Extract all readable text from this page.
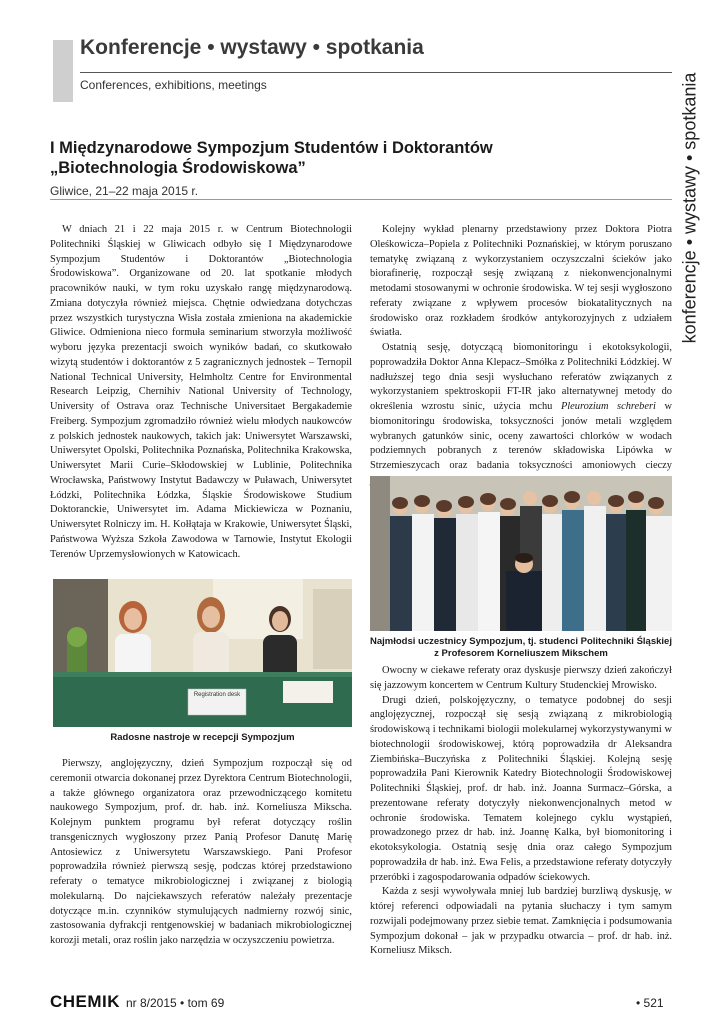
Konferencje • wystawy • spotkania
Conferences, exhibitions, meetings	konferencje • wystawy • spotkania
I Międzynarodowe Sympozjum Studentów i Doktorantów
„Biotechnologia Środowiskowa”
Gliwice, 21–22 maja 2015 r.

W dniach 21 i 22 maja 2015 r. w Centrum Biotechnologii Politechniki Śląskiej w Gliwicach odbyło się I Międzynarodowe Sympozjum Studentów i Doktorantów „Biotechnologia Środowiskowa”. Organizowane od 20. lat spotkanie młodych pracowników nauki, w tym roku uzyskało rangę międzynarodową. Zmiana dotyczyła również miejsca. Chętnie odwiedzana dotychczas przez wszystkich turystyczna Wisła została zmieniona na akademickie Gliwice. Odmieniona nieco formuła seminarium stworzyła możliwość wyboru języka prezentacji swoich wyników badań, co skutkowało wizytą studentów i doktorantów z 5 zagranicznych jednostek – Ternopil National Technical University, Helmholtz Centre for Environmental Research Leipzig, Chernihiv National University of Technology, University of Ostrava oraz Technische Universitaet Bergakademie Freiberg. Sympozjum zgromadziło również wielu młodych naukowców z polskich jednostek naukowych, takich jak: Uniwersytet Warszawski, Uniwersytet Opolski, Politechnika Poznańska, Politechnika Krakowska, Uniwersytet Marii Curie–Skłodowskiej w Lublinie, Politechnika Wrocławska, Państwowy Instytut Badawczy w Puławach, Uniwersytet Łódzki, Politechnika Łódzka, Śląskie Środowiskowe Studium Doktoranckie, Uniwersytet im. Adama Mickiewicza w Poznaniu, Uniwersytet Rolniczy im. H. Kołłątaja w Krakowie, Uniwersytet Śląski, Państwowa Wyższa Szkoła Zawodowa w Tarnowie, Instytut Ekologii Terenów Uprzemysłowionych w Katowicach.

Kolejny wykład plenarny przedstawiony przez Doktora Piotra Oleśkowicza–Popiela z Politechniki Poznańskiej, w którym poruszano tematykę związaną z wykorzystaniem oczyszczalni ścieków jako biorafinerię, rozpoczął sesję związaną z niekonwencjonalnymi metodami stosowanymi w ochronie środowiska. W tej sesji wygłoszono referaty związane z wpływem procesów biokatalitycznych na środowisko oraz rozkładem środków antykorozyjnych z udziałem światła.

Ostatnią sesję, dotyczącą biomonitoringu i ekotoksykologii, poprowadziła Doktor Anna Klepacz–Smółka z Politechniki Łódzkiej. W nadłuższej tego dnia sesji wysłuchano referatów związanych z wykorzystaniem spektroskopii FT-IR jako alternatywnej metody do określenia wzrostu sinic, użycia mchu Pleurozium schreberi w biomonitoringu środowiska, toksyczności jonów metali względem wybranych gatunków sinic, oceny zawartości chlorków w wodach podziemnych pobranych z terenów składowiska Lipówka w Strzemieszycach oraz badania toksyczności amoniowych cieczy

Registration desk
Radosne nastroje w recepcji Sympozjum
Najmłodsi uczestnicy Sympozjum, tj. studenci Politechniki Śląskiej
z Profesorem Korneliuszem Mikschem

Pierwszy, anglojęzyczny, dzień Sympozjum rozpoczął się od ceremonii otwarcia dokonanej przez Dyrektora Centrum Biotechnologii, a także głównego organizatora oraz przewodniczącego komitetu naukowego Sympozjum, prof. dr. hab. inż. Korneliusza Mikscha. Kolejnym punktem programu był referat dotyczący roślin transgenicznych wygłoszony przez Panią Profesor Danutę Marię Antosiewicz z Uniwersytetu Warszawskiego. Pani Profesor poprowadziła również pierwszą sesję, podczas której przedstawiono referaty o tematyce mikrobiologicznej i związanej z biologią molekularną. Do najciekawszych referatów należały prezentacje dotyczące m.in. czynników stymulujących nadmierny rozwój sinic, zastosowania dyfrakcji rentgenowskiej w badaniach mikrobiologicznej korozji metali, oraz roślin jako narzędzia w oczyszczeniu powietrza.

Owocny w ciekawe referaty oraz dyskusje pierwszy dzień zakończył się jazzowym koncertem w Centrum Kultury Studenckiej Mrowisko.

Drugi dzień, polskojęzyczny, o tematyce podobnej do sesji anglojęzycznej, rozpoczął się sesją związaną z mikrobiologią środowiskową i technikami biologii molekularnej wykorzystywanymi w biotechnologii środowiskowej, którą poprowadziła dr Aleksandra Ziembińska–Buczyńska z Politechniki Śląskiej. Kolejną sesję poprowadziła Pani Kierownik Katedry Biotechnologii Środowiskowej Politechniki Śląskiej, prof. dr hab. inż. Joanna Surmacz–Górska, a prezentowane referaty dotyczyły niekonwencjonalnych metod w ochronie środowiska. Tematem kolejnego cyklu wystąpień, prowadzonego przez dr hab. inż. Joannę Kalka, był biomonitoring i ekotoksykologia. Ostatnią sesję dnia oraz całego Sympozjum poprowadziła dr hab. inż. Ewa Felis, a przedstawione referaty dotyczyły przeróbki i zagospodarowania odpadów ściekowych.

Każda z sesji wywoływała mniej lub bardziej burzliwą dyskusję, w której referenci odpowiadali na pytania słuchaczy i tym samym rozwijali podejmowany przez siebie temat. Zamknięcia i podsumowania Sympozjum dokonał – jak w przypadku otwarcia – prof. dr hab. inż. Korneliusz Miksch.

CHEMIK nr 8/2015 • tom 69	• 521
